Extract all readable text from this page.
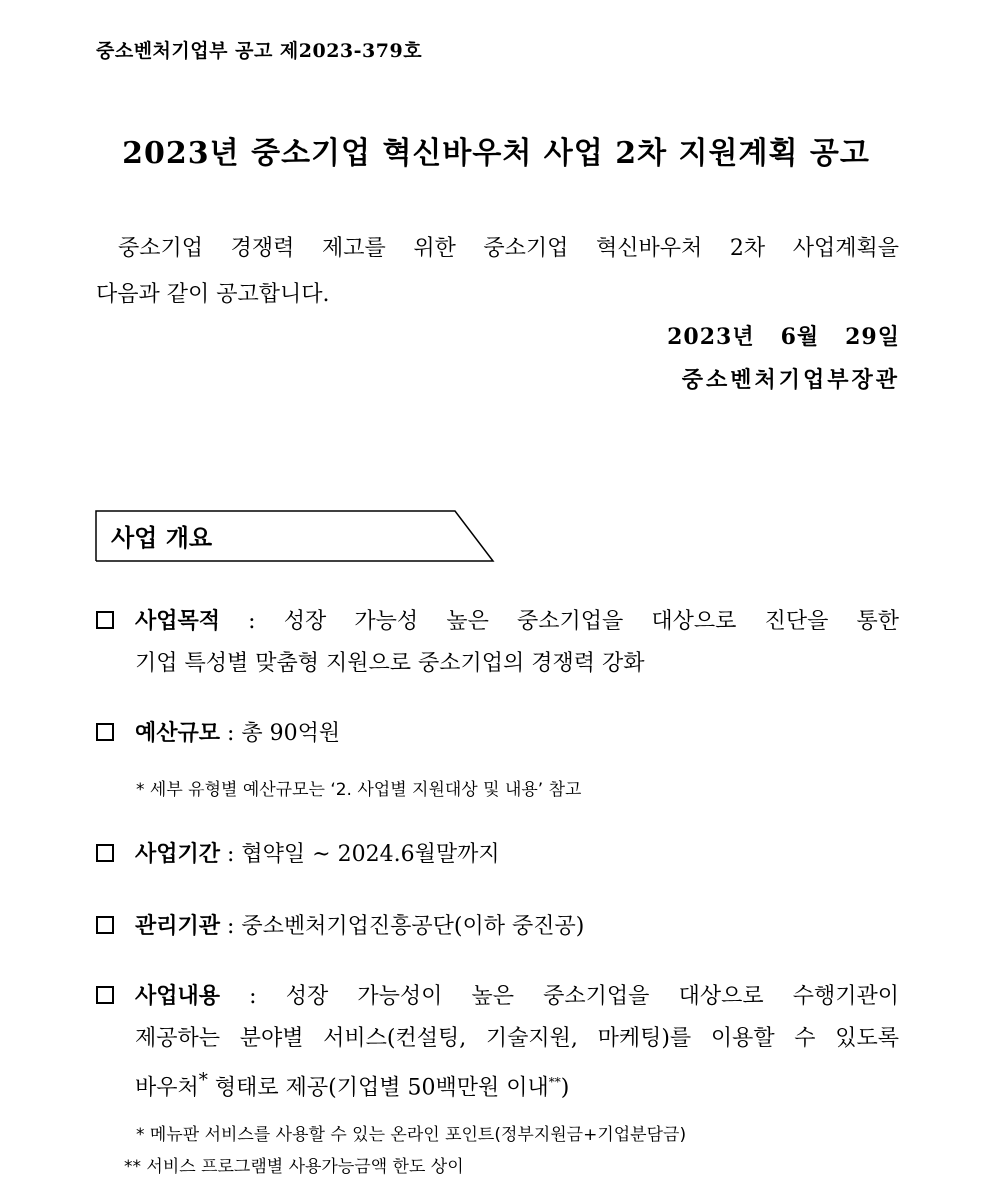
중소벤처기업부 공고 제2023-379호
2023년 중소기업 혁신바우처 사업 2차 지원계획 공고
중소기업 경쟁력 제고를 위한 중소기업 혁신바우처 2차 사업계획을
다음과 같이 공고합니다.
2023년   6월   29일
중소벤처기업부장관
사업 개요
사업목적 : 성장 가능성 높은 중소기업을 대상으로 진단을 통한
기업 특성별 맞춤형 지원으로 중소기업의 경쟁력 강화
예산규모 : 총 90억원
* 세부 유형별 예산규모는 ‘2. 사업별 지원대상 및 내용’ 참고
사업기간 : 협약일 ~ 2024.6월말까지
관리기관 : 중소벤처기업진흥공단(이하 중진공)
사업내용 : 성장 가능성이 높은 중소기업을 대상으로 수행기관이
제공하는 분야별 서비스(컨설팅, 기술지원, 마케팅)를 이용할 수 있도록
바우처* 형태로 제공(기업별 50백만원 이내**)
* 메뉴판 서비스를 사용할 수 있는 온라인 포인트(정부지원금+기업분담금)
** 서비스 프로그램별 사용가능금액 한도 상이
